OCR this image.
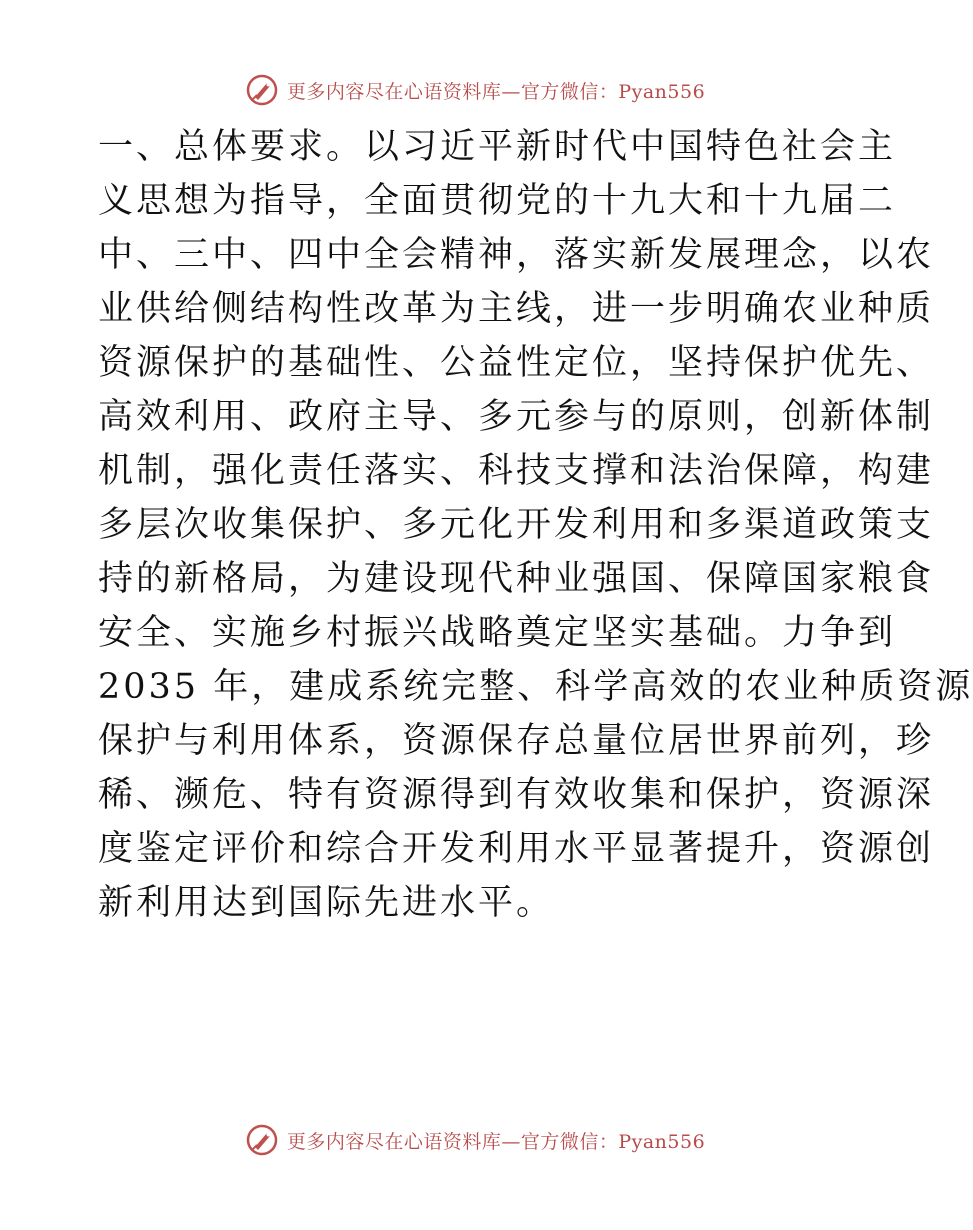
更多内容尽在心语资料库—官方微信：Pyan556
一、总体要求。以习近平新时代中国特色社会主
义思想为指导，全面贯彻党的十九大和十九届二
中、三中、四中全会精神，落实新发展理念，以农
业供给侧结构性改革为主线，进一步明确农业种质
资源保护的基础性、公益性定位，坚持保护优先、
高效利用、政府主导、多元参与的原则，创新体制
机制，强化责任落实、科技支撑和法治保障，构建
多层次收集保护、多元化开发利用和多渠道政策支
持的新格局，为建设现代种业强国、保障国家粮食
安全、实施乡村振兴战略奠定坚实基础。力争到
2035 年，建成系统完整、科学高效的农业种质资源
保护与利用体系，资源保存总量位居世界前列，珍
稀、濒危、特有资源得到有效收集和保护，资源深
度鉴定评价和综合开发利用水平显著提升，资源创
新利用达到国际先进水平。
更多内容尽在心语资料库—官方微信：Pyan556
